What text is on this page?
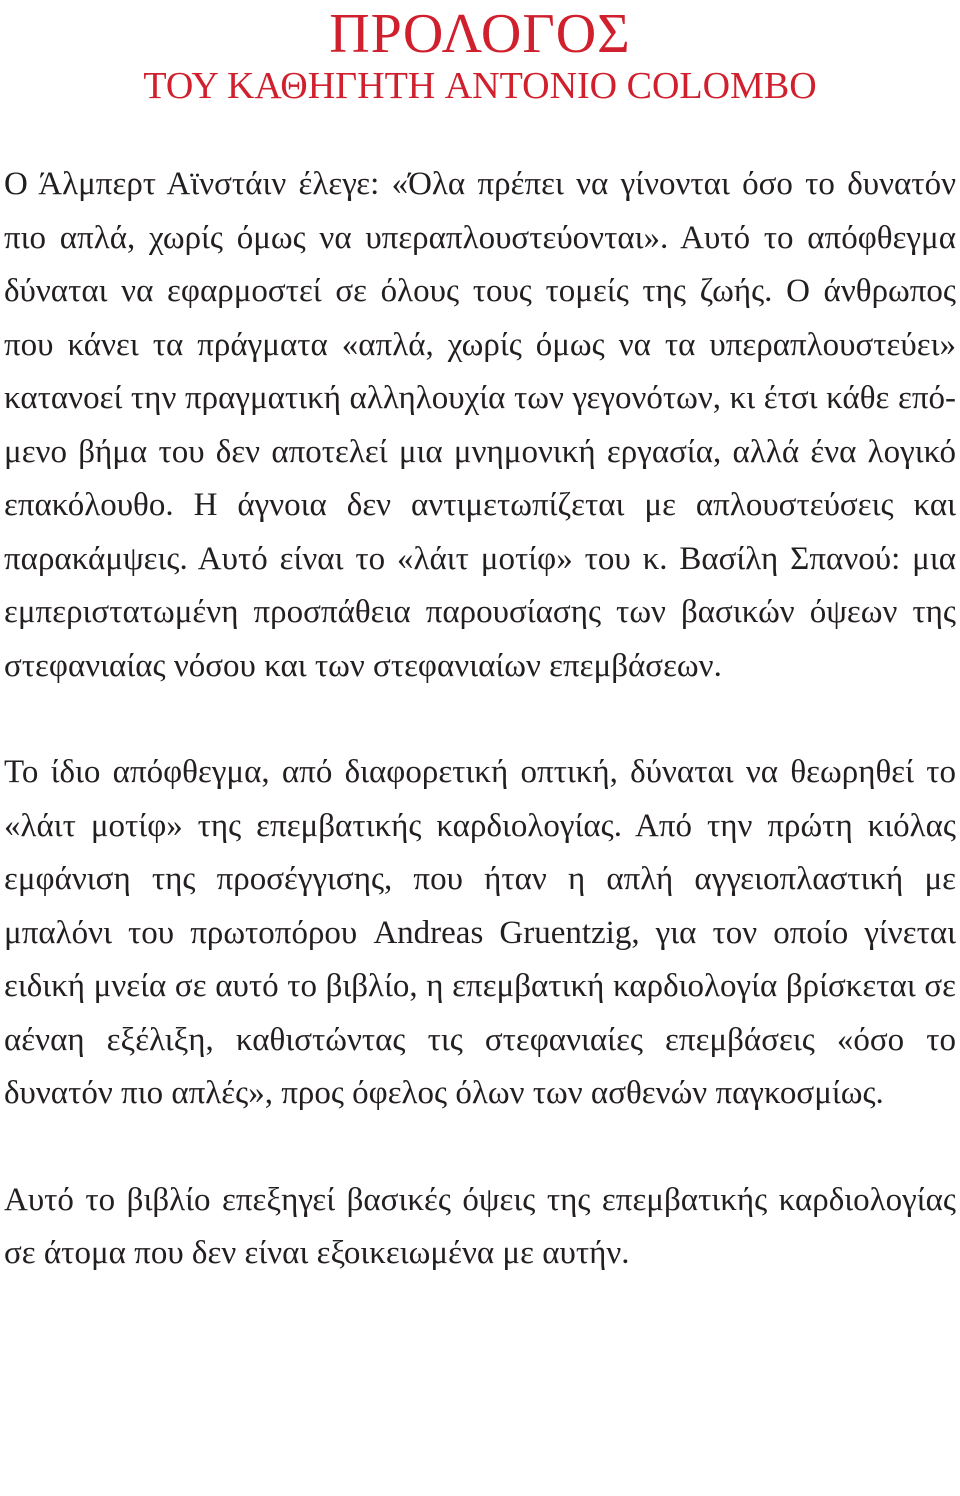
ΠΡΟΛΟΓΟΣ
ΤΟΥ ΚΑΘΗΓΗΤΗ ANTONIO COLOMBO

Ο Άλμπερτ Αϊνστάιν έλεγε: «Όλα πρέπει να γίνονται όσο το δυνατόν πιο απλά, χωρίς όμως να υπεραπλουστεύονται». Αυτό το απόφθεγμα δύναται να εφαρμοστεί σε όλους τους τομείς της ζωής. Ο άνθρωπος που κάνει τα πράγματα «απλά, χωρίς όμως να τα υπεραπλουστεύει» κατανοεί την πραγματική αλληλουχία των γεγονότων, κι έτσι κάθε επόμενο βήμα του δεν αποτελεί μια μνημονική εργασία, αλλά ένα λογικό επακόλουθο. Η άγνοια δεν αντιμετωπίζεται με απλουστεύσεις και παρακάμψεις. Αυτό είναι το «λάιτ μοτίφ» του κ. Βασίλη Σπανού: μια εμπεριστατωμένη προσπάθεια παρουσίασης των βασικών όψεων της στεφανιαίας νόσου και των στεφανιαίων επεμβάσεων.

Το ίδιο απόφθεγμα, από διαφορετική οπτική, δύναται να θεωρηθεί το «λάιτ μοτίφ» της επεμβατικής καρδιολογίας. Από την πρώτη κιόλας εμφάνιση της προσέγγισης, που ήταν η απλή αγγειοπλαστική με μπαλόνι του πρωτοπόρου Andreas Gruentzig, για τον οποίο γίνεται ειδική μνεία σε αυτό το βιβλίο, η επεμβατική καρδιολογία βρίσκεται σε αέναη εξέλιξη, καθιστώντας τις στεφανιαίες επεμβάσεις «όσο το δυνατόν πιο απλές», προς όφελος όλων των ασθενών παγκοσμίως.

Αυτό το βιβλίο επεξηγεί βασικές όψεις της επεμβατικής καρδιολογίας σε άτομα που δεν είναι εξοικειωμένα με αυτήν.
